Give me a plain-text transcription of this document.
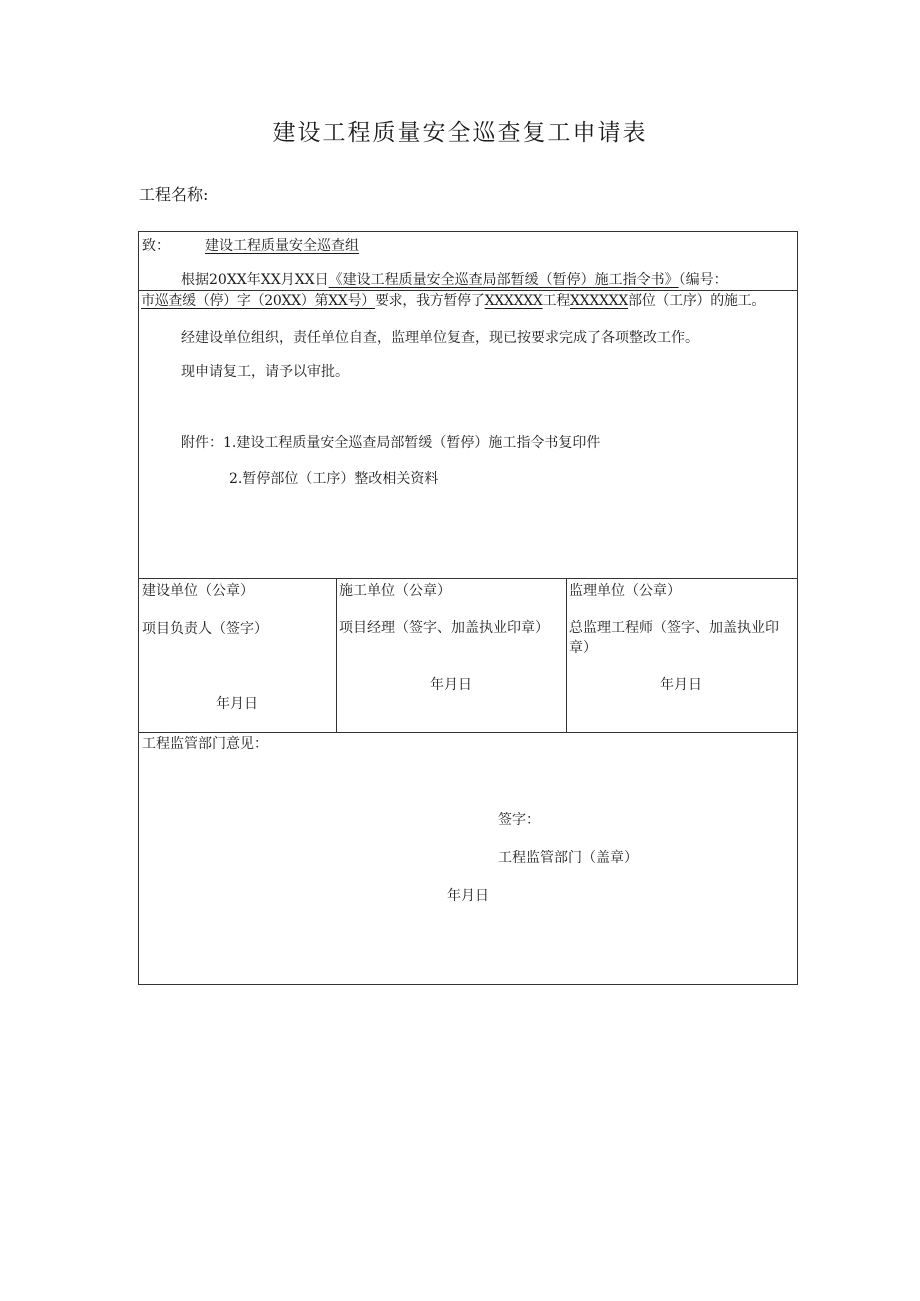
建设工程质量安全巡查复工申请表
工程名称:
致：	建设工程质量安全巡查组
根据20XX年XX月XX日《建设工程质量安全巡查局部暂缓（暂停）施工指令书》（编号：
市巡查缓（停）字（20XX）第XX号）要求，我方暂停了XXXXXX工程XXXXXX部位（工序）的施工。
经建设单位组织，责任单位自查，监理单位复查，现已按要求完成了各项整改工作。
现申请复工，请予以审批。
附件：1.建设工程质量安全巡查局部暂缓（暂停）施工指令书复印件
2.暂停部位（工序）整改相关资料
建设单位（公章）
项目负责人（签字）
年月日
施工单位（公章）
项目经理（签字、加盖执业印章）
年月日
监理单位（公章）
总监理工程师（签字、加盖执业印章）
年月日
工程监管部门意见：
签字：
工程监管部门（盖章）
年月日
